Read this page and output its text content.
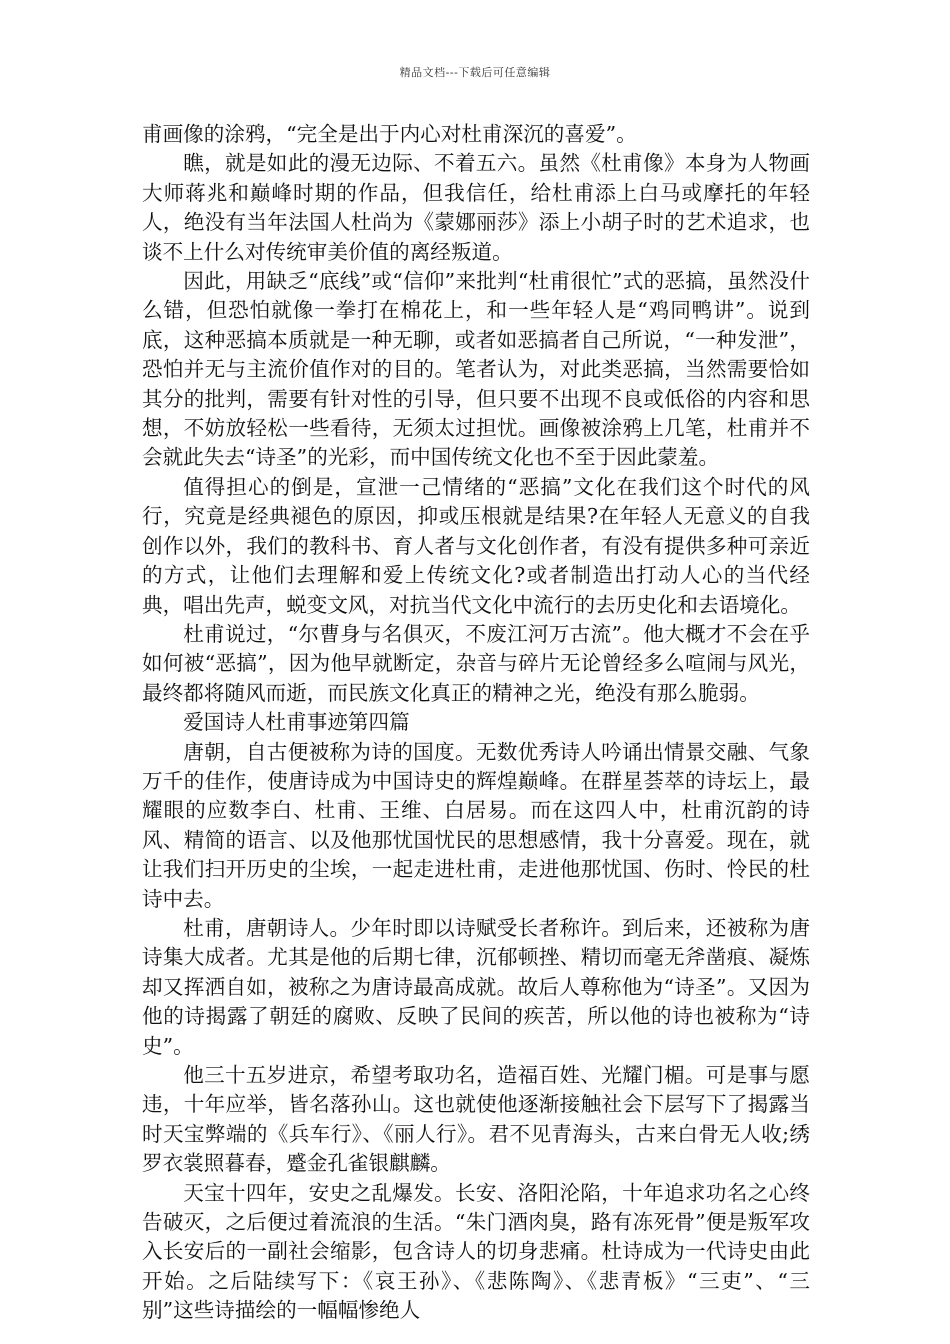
精品文档---下载后可任意编辑

甫画像的涂鸦，“完全是出于内心对杜甫深沉的喜爱”。

瞧，就是如此的漫无边际、不着五六。虽然《杜甫像》本身为人物画大师蒋兆和巅峰时期的作品，但我信任，给杜甫添上白马或摩托的年轻人，绝没有当年法国人杜尚为《蒙娜丽莎》添上小胡子时的艺术追求，也谈不上什么对传统审美价值的离经叛道。

因此，用缺乏“底线”或“信仰”来批判“杜甫很忙”式的恶搞，虽然没什么错，但恐怕就像一拳打在棉花上，和一些年轻人是“鸡同鸭讲”。说到底，这种恶搞本质就是一种无聊，或者如恶搞者自己所说，“一种发泄”，恐怕并无与主流价值作对的目的。笔者认为，对此类恶搞，当然需要恰如其分的批判，需要有针对性的引导，但只要不出现不良或低俗的内容和思想，不妨放轻松一些看待，无须太过担忧。画像被涂鸦上几笔，杜甫并不会就此失去“诗圣”的光彩，而中国传统文化也不至于因此蒙羞。

值得担心的倒是，宣泄一己情绪的“恶搞”文化在我们这个时代的风行，究竟是经典褪色的原因，抑或压根就是结果?在年轻人无意义的自我创作以外，我们的教科书、育人者与文化创作者，有没有提供多种可亲近的方式，让他们去理解和爱上传统文化?或者制造出打动人心的当代经典，唱出先声，蜕变文风，对抗当代文化中流行的去历史化和去语境化。

杜甫说过，“尔曹身与名俱灭，不废江河万古流”。他大概才不会在乎如何被“恶搞”，因为他早就断定，杂音与碎片无论曾经多么喧闹与风光，最终都将随风而逝，而民族文化真正的精神之光，绝没有那么脆弱。

爱国诗人杜甫事迹第四篇

唐朝，自古便被称为诗的国度。无数优秀诗人吟诵出情景交融、气象万千的佳作，使唐诗成为中国诗史的辉煌巅峰。在群星荟萃的诗坛上，最耀眼的应数李白、杜甫、王维、白居易。而在这四人中，杜甫沉韵的诗风、精简的语言、以及他那忧国忧民的思想感情，我十分喜爱。现在，就让我们扫开历史的尘埃，一起走进杜甫，走进他那忧国、伤时、怜民的杜诗中去。

杜甫，唐朝诗人。少年时即以诗赋受长者称许。到后来，还被称为唐诗集大成者。尤其是他的后期七律，沉郁顿挫、精切而毫无斧凿痕、凝炼却又挥洒自如，被称之为唐诗最高成就。故后人尊称他为“诗圣”。又因为他的诗揭露了朝廷的腐败、反映了民间的疾苦，所以他的诗也被称为“诗史”。

他三十五岁进京，希望考取功名，造福百姓、光耀门楣。可是事与愿违，十年应举，皆名落孙山。这也就使他逐渐接触社会下层写下了揭露当时天宝弊端的《兵车行》、《丽人行》。君不见青海头，古来白骨无人收;绣罗衣裳照暮春，蹙金孔雀银麒麟。

天宝十四年，安史之乱爆发。长安、洛阳沦陷，十年追求功名之心终告破灭，之后便过着流浪的生活。“朱门酒肉臭，路有冻死骨”便是叛军攻入长安后的一副社会缩影，包含诗人的切身悲痛。杜诗成为一代诗史由此开始。之后陆续写下：《哀王孙》、《悲陈陶》、《悲青板》“三吏”、“三别”这些诗描绘的一幅幅惨绝人
